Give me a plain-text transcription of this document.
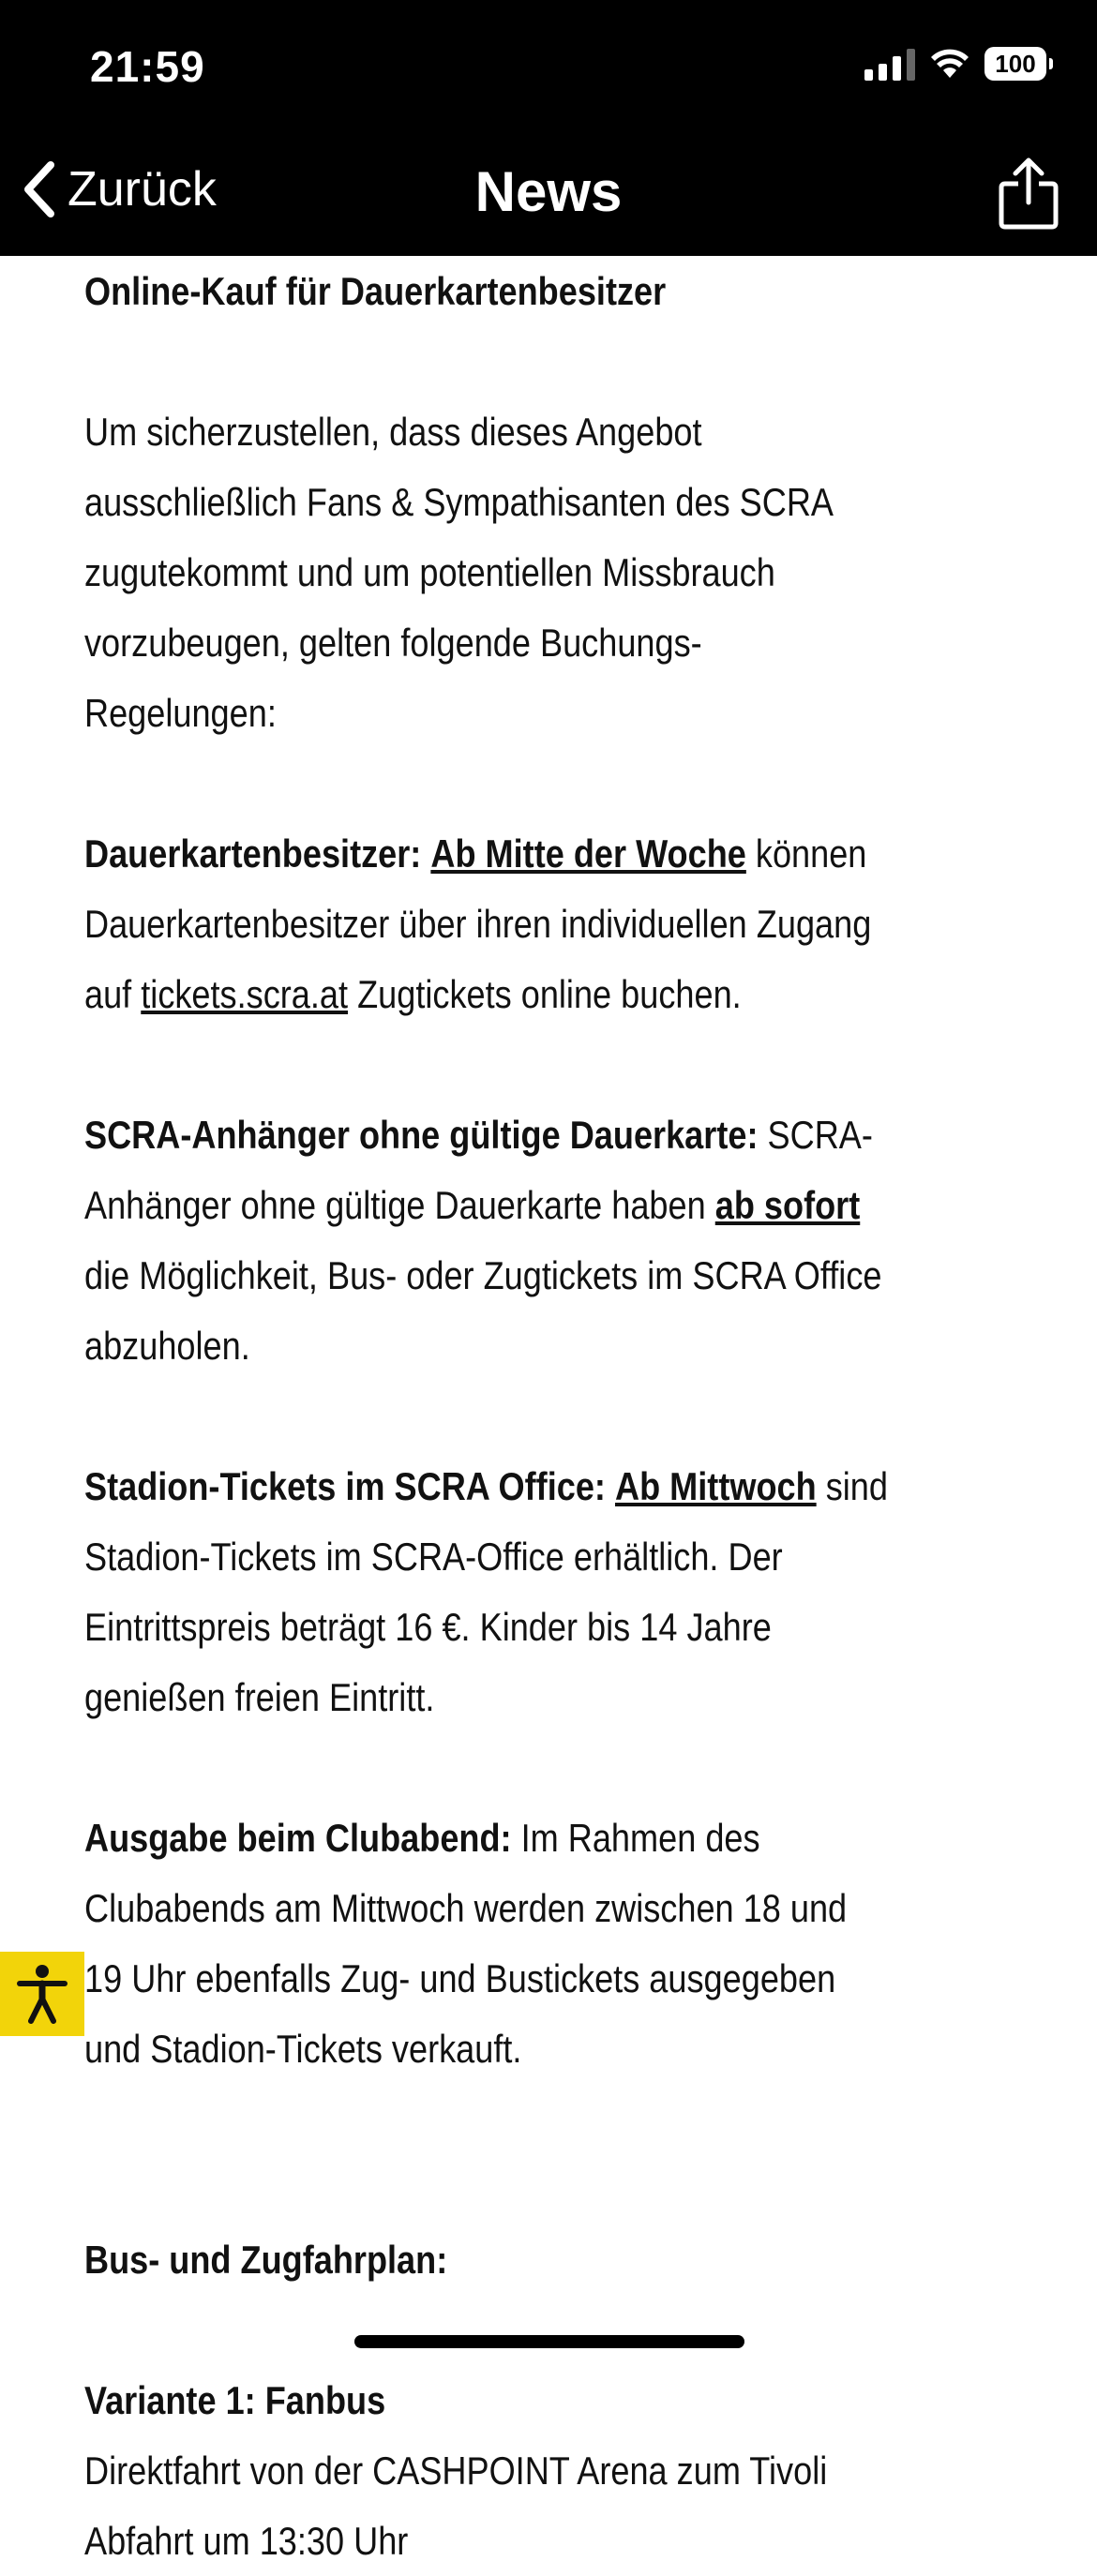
21:59	100
Zurück	News

Online-Kauf für Dauerkartenbesitzer

Um sicherzustellen, dass dieses Angebot ausschließlich Fans & Sympathisanten des SCRA zugutekommt und um potentiellen Missbrauch vorzubeugen, gelten folgende Buchungs-Regelungen:

Dauerkartenbesitzer: Ab Mitte der Woche können Dauerkartenbesitzer über ihren individuellen Zugang auf tickets.scra.at Zugtickets online buchen.

SCRA-Anhänger ohne gültige Dauerkarte: SCRA-Anhänger ohne gültige Dauerkarte haben ab sofort die Möglichkeit, Bus- oder Zugtickets im SCRA Office abzuholen.

Stadion-Tickets im SCRA Office: Ab Mittwoch sind Stadion-Tickets im SCRA-Office erhältlich. Der Eintrittspreis beträgt 16 €. Kinder bis 14 Jahre genießen freien Eintritt.

Ausgabe beim Clubabend: Im Rahmen des Clubabends am Mittwoch werden zwischen 18 und 19 Uhr ebenfalls Zug- und Bustickets ausgegeben und Stadion-Tickets verkauft.

Bus- und Zugfahrplan:

Variante 1: Fanbus

Direktfahrt von der CASHPOINT Arena zum Tivoli

Abfahrt um 13:30 Uhr
